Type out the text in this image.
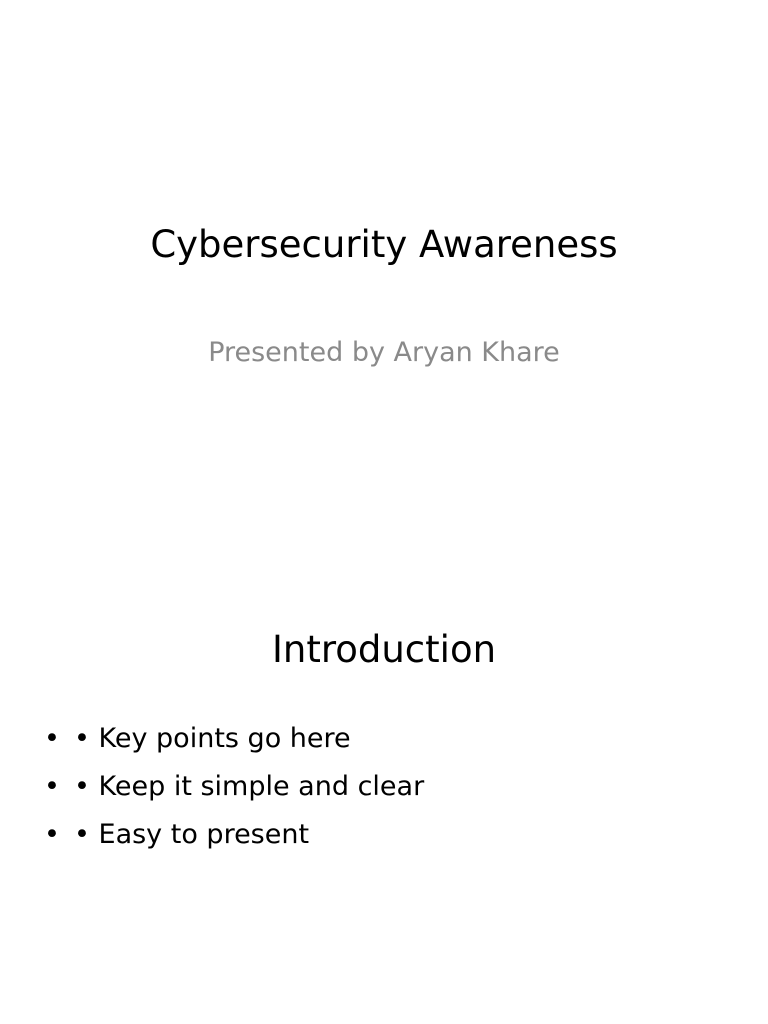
Cybersecurity Awareness
Presented by Aryan Khare
Introduction
• • Key points go here
• • Keep it simple and clear
• • Easy to present
